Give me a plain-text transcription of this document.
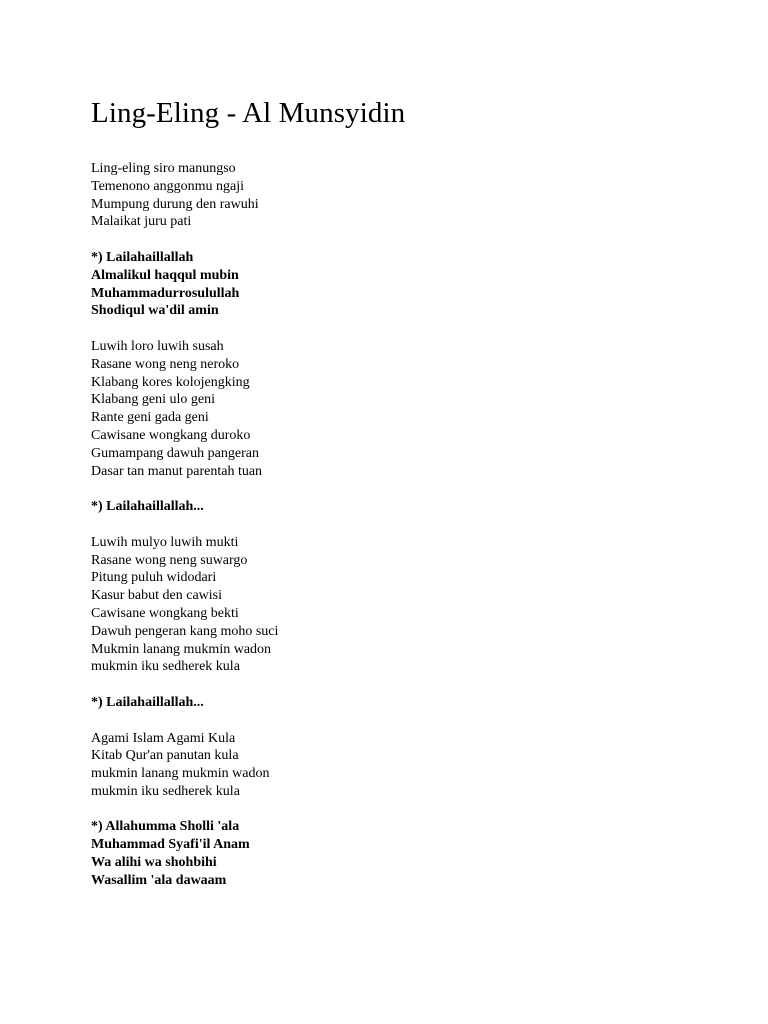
Ling-Eling - Al Munsyidin
Ling-eling siro manungso
Temenono anggonmu ngaji
Mumpung durung den rawuhi
Malaikat juru pati
*) Lailahaillallah
Almalikul haqqul mubin
Muhammadurrosulullah
Shodiqul wa'dil amin
Luwih loro luwih susah
Rasane wong neng neroko
Klabang kores kolojengking
Klabang geni ulo geni
Rante geni gada geni
Cawisane wongkang duroko
Gumampang dawuh pangeran
Dasar tan manut parentah tuan
*) Lailahaillallah...
Luwih mulyo luwih mukti
Rasane wong neng suwargo
Pitung puluh widodari
Kasur babut den cawisi
Cawisane wongkang bekti
Dawuh pengeran kang moho suci
Mukmin lanang mukmin wadon
mukmin iku sedherek kula
*) Lailahaillallah...
Agami Islam Agami Kula
Kitab Qur'an panutan kula
mukmin lanang mukmin wadon
mukmin iku sedherek kula
*) Allahumma Sholli 'ala
Muhammad Syafi'il Anam
Wa alihi wa shohbihi
Wasallim 'ala dawaam
